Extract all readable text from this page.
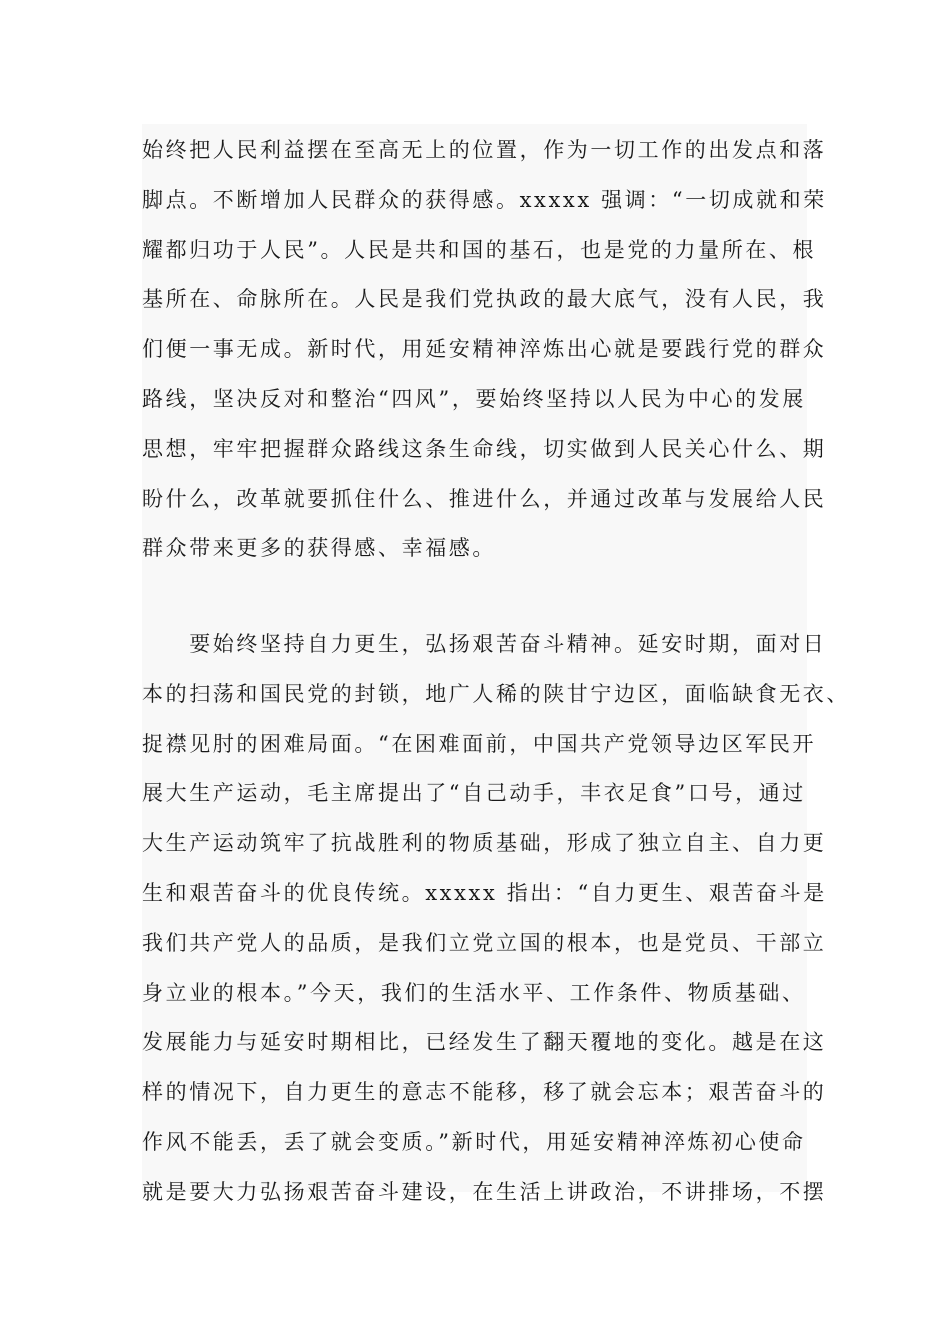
始终把人民利益摆在至高无上的位置，作为一切工作的出发点和落
脚点。不断增加人民群众的获得感。xxxxx 强调：“一切成就和荣
耀都归功于人民”。人民是共和国的基石，也是党的力量所在、根
基所在、命脉所在。人民是我们党执政的最大底气，没有人民，我
们便一事无成。新时代，用延安精神淬炼出心就是要践行党的群众
路线，坚决反对和整治“四风”，要始终坚持以人民为中心的发展
思想，牢牢把握群众路线这条生命线，切实做到人民关心什么、期
盼什么，改革就要抓住什么、推进什么，并通过改革与发展给人民
群众带来更多的获得感、幸福感。

　　要始终坚持自力更生，弘扬艰苦奋斗精神。延安时期，面对日
本的扫荡和国民党的封锁，地广人稀的陕甘宁边区，面临缺食无衣、
捉襟见肘的困难局面。“在困难面前，中国共产党领导边区军民开
展大生产运动，毛主席提出了“自己动手，丰衣足食”口号，通过
大生产运动筑牢了抗战胜利的物质基础，形成了独立自主、自力更
生和艰苦奋斗的优良传统。xxxxx 指出：“自力更生、艰苦奋斗是
我们共产党人的品质，是我们立党立国的根本，也是党员、干部立
身立业的根本。”今天，我们的生活水平、工作条件、物质基础、
发展能力与延安时期相比，已经发生了翻天覆地的变化。越是在这
样的情况下，自力更生的意志不能移，移了就会忘本；艰苦奋斗的
作风不能丢，丢了就会变质。”新时代，用延安精神淬炼初心使命
就是要大力弘扬艰苦奋斗建设，在生活上讲政治，不讲排场，不摆
